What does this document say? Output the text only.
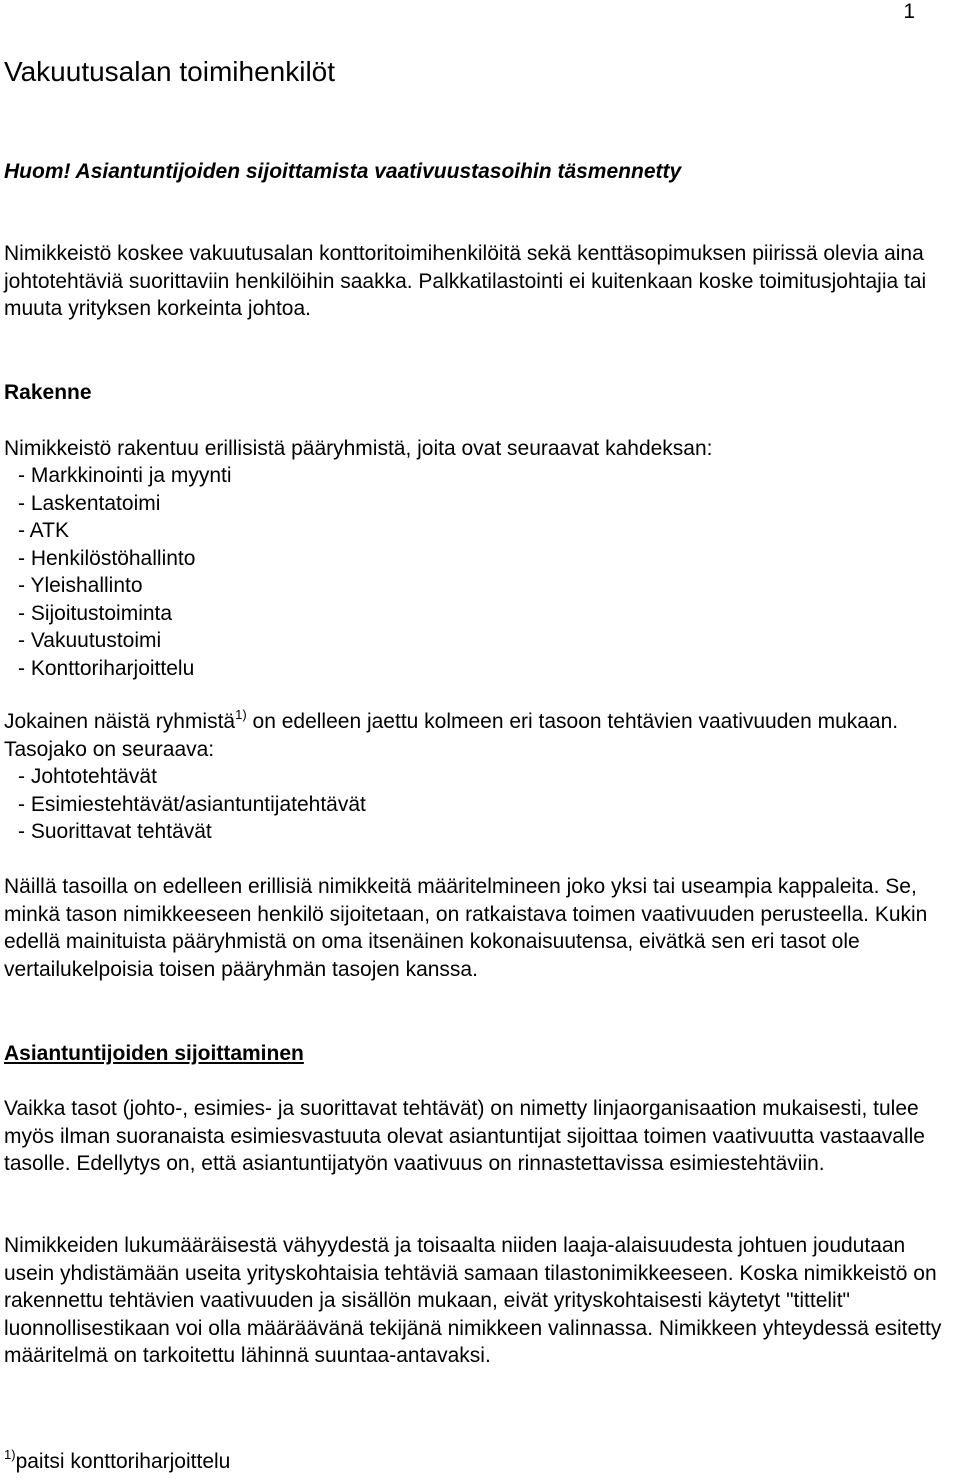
1
Vakuutusalan toimihenkilöt

Huom! Asiantuntijoiden sijoittamista vaativuustasoihin täsmennetty

Nimikkeistö koskee vakuutusalan konttoritoimihenkilöitä sekä kenttäsopimuksen piirissä olevia aina johtotehtäviä suorittaviin henkilöihin saakka. Palkkatilastointi ei kuitenkaan koske toimitusjohtajia tai muuta yrityksen korkeinta johtoa.

Rakenne

Nimikkeistö rakentuu erillisistä pääryhmistä, joita ovat seuraavat kahdeksan:

- Markkinointi ja myynti
- Laskentatoimi
- ATK
- Henkilöstöhallinto
- Yleishallinto
- Sijoitustoiminta
- Vakuutustoimi
- Konttoriharjoittelu

Jokainen näistä ryhmistä$^{1)}$ on edelleen jaettu kolmeen eri tasoon tehtävien vaativuuden mukaan. Tasojako on seuraava:

- Johtotehtävät
- Esimiestehtävät/asiantuntijatehtävät
- Suorittavat tehtävät

Näillä tasoilla on edelleen erillisiä nimikkeitä määritelmineen joko yksi tai useampia kappaleita. Se, minkä tason nimikkeeseen henkilö sijoitetaan, on ratkaistava toimen vaativuuden perusteella. Kukin edellä mainituista pääryhmistä on oma itsenäinen kokonaisuutensa, eivätkä sen eri tasot ole vertailukelpoisia toisen pääryhmän tasojen kanssa.

Asiantuntijoiden sijoittaminen

Vaikka tasot (johto-, esimies- ja suorittavat tehtävät) on nimetty linjaorganisaation mukaisesti, tulee myös ilman suoranaista esimiesvastuuta olevat asiantuntijat sijoittaa toimen vaativuutta vastaavalle tasolle. Edellytys on, että asiantuntijatyön vaativuus on rinnastettavissa esimiestehtäviin.

Nimikkeiden lukumääräisestä vähyydestä ja toisaalta niiden laaja-alaisuudesta johtuen joudutaan usein yhdistämään useita yrityskohtaisia tehtäviä samaan tilastonimikkeeseen. Koska nimikkeistö on rakennettu tehtävien vaativuuden ja sisällön mukaan, eivät yrityskohtaisesti käytetyt "tittelit" luonnollisestikaan voi olla määräävänä tekijänä nimikkeen valinnassa. Nimikkeen yhteydessä esitetty määritelmä on tarkoitettu lähinnä suuntaa-antavaksi.

$^{1)}$paitsi konttoriharjoittelu
